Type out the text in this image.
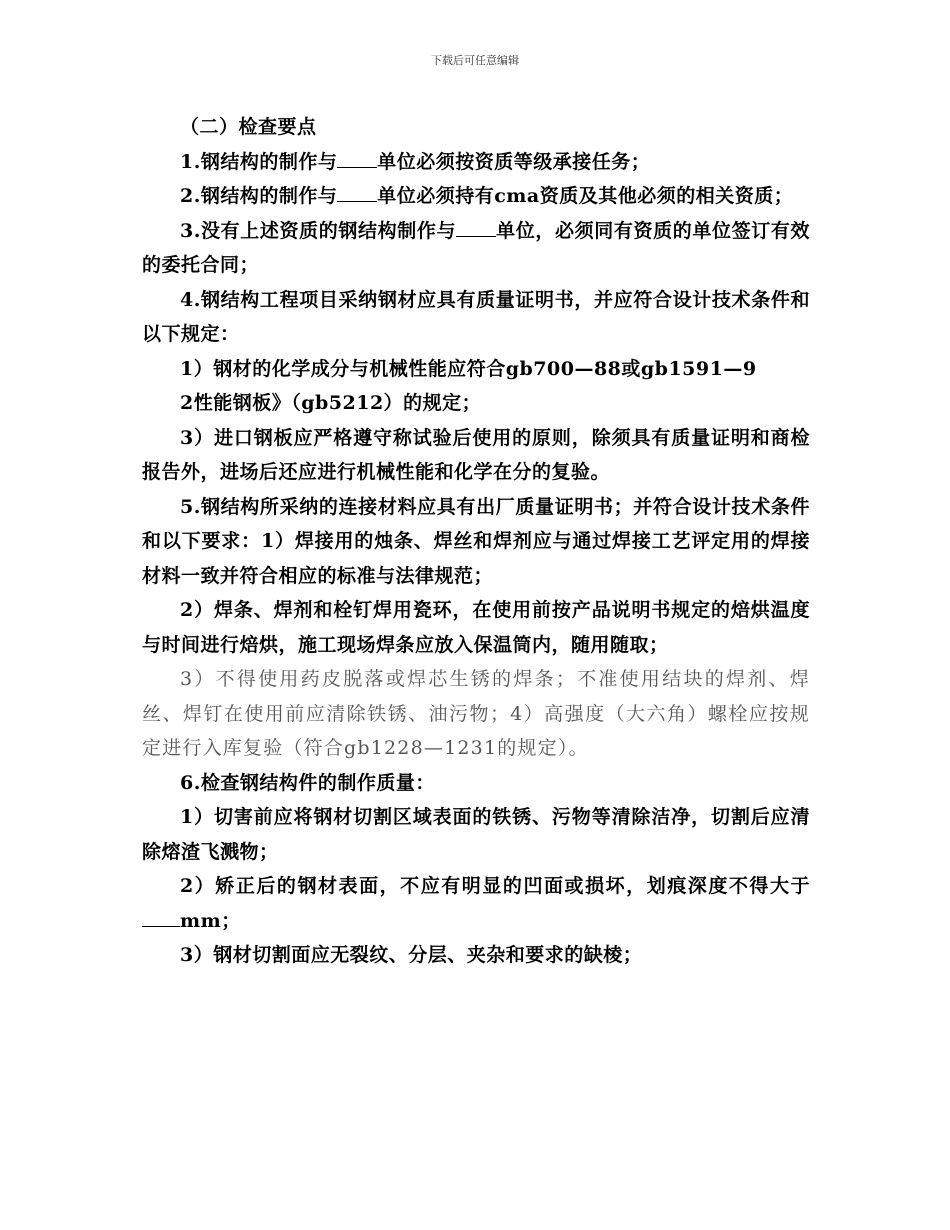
下载后可任意编辑

（二）检查要点

1.钢结构的制作与 单位必须按资质等级承接任务；

2.钢结构的制作与 单位必须持有cma资质及其他必须的相关资质；

3.没有上述资质的钢结构制作与 单位，必须同有资质的单位签订有效的委托合同；

4.钢结构工程项目采纳钢材应具有质量证明书，并应符合设计技术条件和以下规定：

1）钢材的化学成分与机械性能应符合gb700—88或gb1591—9

2性能钢板》（gb5212）的规定；

3）进口钢板应严格遵守称试验后使用的原则，除须具有质量证明和商检报告外，进场后还应进行机械性能和化学在分的复验。

5.钢结构所采纳的连接材料应具有出厂质量证明书；并符合设计技术条件和以下要求：1）焊接用的烛条、焊丝和焊剂应与通过焊接工艺评定用的焊接材料一致并符合相应的标准与法律规范；

2）焊条、焊剂和栓钉焊用瓷环，在使用前按产品说明书规定的焙烘温度与时间进行焙烘，施工现场焊条应放入保温筒内，随用随取；

3）不得使用药皮脱落或焊芯生锈的焊条；不准使用结块的焊剂、焊丝、焊钉在使用前应清除铁锈、油污物；4）高强度（大六角）螺栓应按规定进行入库复验（符合gb1228—1231的规定）。

6.检查钢结构件的制作质量：

1）切害前应将钢材切割区域表面的铁锈、污物等清除洁净，切割后应清除熔渣飞溅物；

2）矫正后的钢材表面，不应有明显的凹面或损坏，划痕深度不得大于mm；

3）钢材切割面应无裂纹、分层、夹杂和要求的缺棱；
